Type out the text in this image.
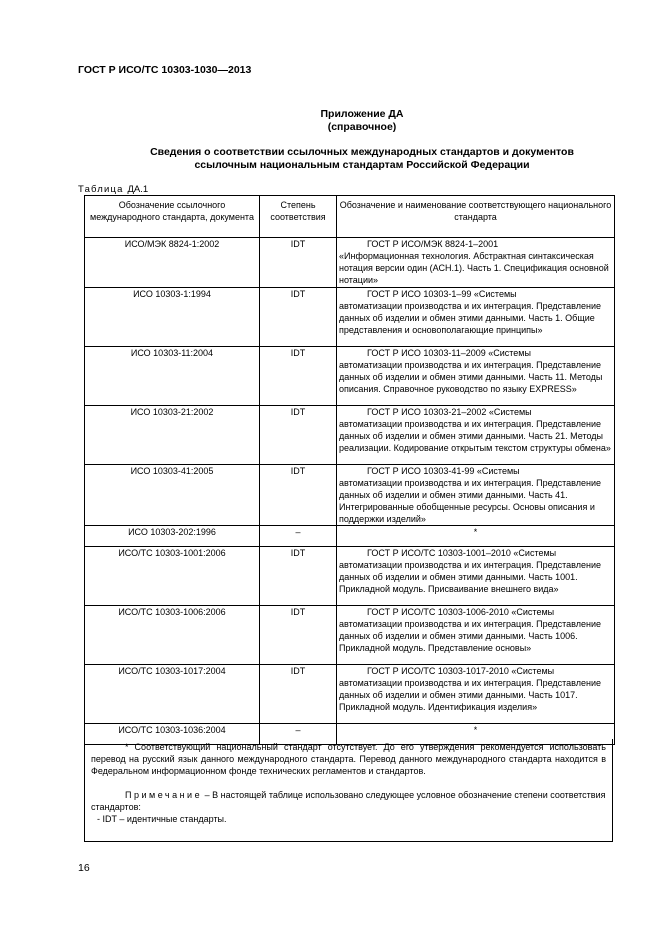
ГОСТ Р ИСО/ТС 10303-1030—2013
Приложение ДА
(справочное)
Сведения о соответствии ссылочных международных стандартов и документов
ссылочным национальным стандартам Российской Федерации
Таблица ДА.1
Обозначение ссылочного международного стандарта, документа	Степень соответствия	Обозначение и наименование соответствующего национального стандарта
ИСО/МЭК 8824-1:2002	IDT	ГОСТ Р ИСО/МЭК 8824-1–2001
«Информационная технология. Абстрактная синтаксическая нотация версии один (АСН.1). Часть 1. Спецификация основной нотации»
ИСО 10303-1:1994	IDT	ГОСТ Р ИСО 10303-1–99 «Системы
автоматизации производства и их интеграция. Представление данных об изделии и обмен этими данными. Часть 1. Общие представления и основополагающие принципы»
ИСО 10303-11:2004	IDT	ГОСТ Р ИСО 10303-11–2009 «Системы
автоматизации производства и их интеграция. Представление данных об изделии и обмен этими данными. Часть 11. Методы описания. Справочное руководство по языку EXPRESS»
ИСО 10303-21:2002	IDT	ГОСТ Р ИСО 10303-21–2002 «Системы
автоматизации производства и их интеграция. Представление данных об изделии и обмен этими данными. Часть 21. Методы реализации. Кодирование открытым текстом структуры обмена»
ИСО 10303-41:2005	IDT	ГОСТ Р ИСО 10303-41-99 «Системы
автоматизации производства и их интеграция. Представление данных об изделии и обмен этими данными. Часть 41. Интегрированные обобщенные ресурсы. Основы описания и поддержки изделий»
ИСО 10303-202:1996	–	*
ИСО/ТС 10303-1001:2006	IDT	ГОСТ Р ИСО/ТС 10303-1001–2010 «Системы
автоматизации производства и их интеграция. Представление данных об изделии и обмен этими данными. Часть 1001. Прикладной модуль. Присваивание внешнего вида»
ИСО/ТС 10303-1006:2006	IDT	ГОСТ Р ИСО/ТС 10303-1006-2010 «Системы
автоматизации производства и их интеграция. Представление данных об изделии и обмен этими данными. Часть 1006. Прикладной модуль. Представление основы»
ИСО/ТС 10303-1017:2004	IDT	ГОСТ Р ИСО/ТС 10303-1017-2010 «Системы
автоматизации производства и их интеграция. Представление данных об изделии и обмен этими данными. Часть 1017. Прикладной модуль. Идентификация изделия»
ИСО/ТС 10303-1036:2004	–	*
* Соответствующий национальный стандарт отсутствует. До его утверждения рекомендуется использовать перевод на русский язык данного международного стандарта. Перевод данного международного стандарта находится в Федеральном информационном фонде технических регламентов и стандартов.
Примечание – В настоящей таблице использовано следующее условное обозначение степени соответствия стандартов:
- IDT – идентичные стандарты.
16
